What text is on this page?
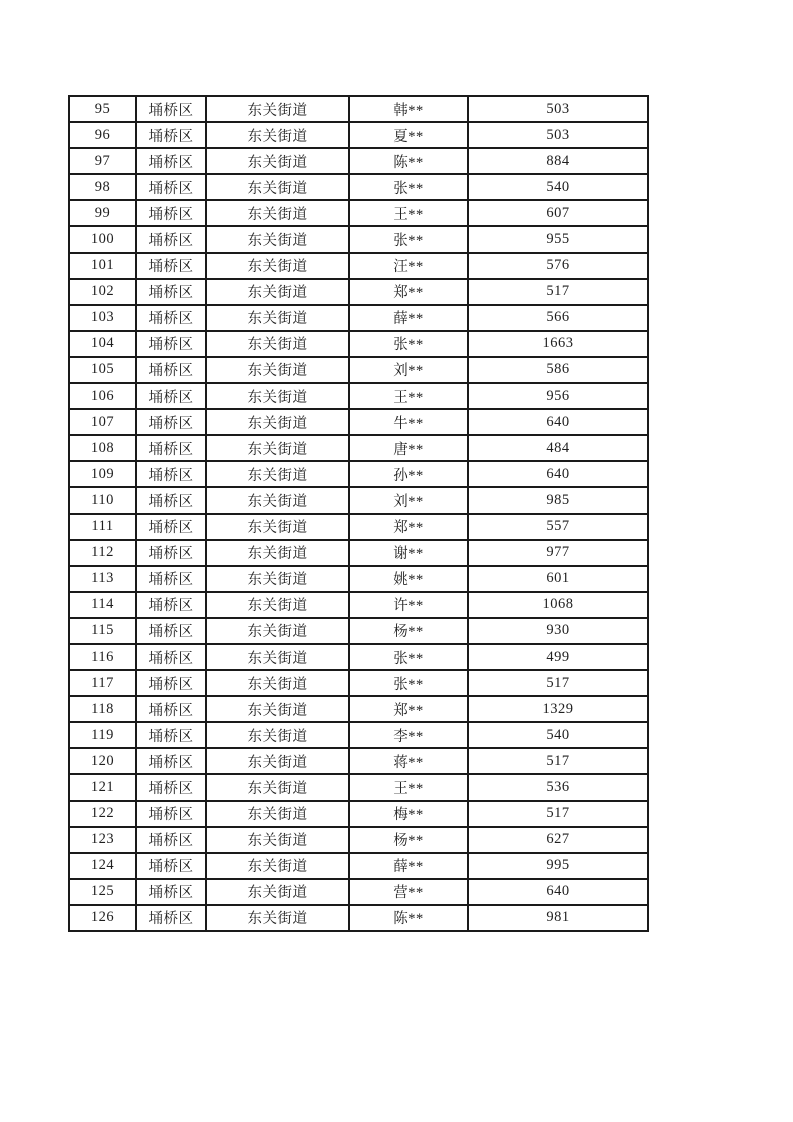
95	埇桥区	东关街道	韩**	503
96	埇桥区	东关街道	夏**	503
97	埇桥区	东关街道	陈**	884
98	埇桥区	东关街道	张**	540
99	埇桥区	东关街道	王**	607
100	埇桥区	东关街道	张**	955
101	埇桥区	东关街道	汪**	576
102	埇桥区	东关街道	郑**	517
103	埇桥区	东关街道	薛**	566
104	埇桥区	东关街道	张**	1663
105	埇桥区	东关街道	刘**	586
106	埇桥区	东关街道	王**	956
107	埇桥区	东关街道	牛**	640
108	埇桥区	东关街道	唐**	484
109	埇桥区	东关街道	孙**	640
110	埇桥区	东关街道	刘**	985
111	埇桥区	东关街道	郑**	557
112	埇桥区	东关街道	谢**	977
113	埇桥区	东关街道	姚**	601
114	埇桥区	东关街道	许**	1068
115	埇桥区	东关街道	杨**	930
116	埇桥区	东关街道	张**	499
117	埇桥区	东关街道	张**	517
118	埇桥区	东关街道	郑**	1329
119	埇桥区	东关街道	李**	540
120	埇桥区	东关街道	蒋**	517
121	埇桥区	东关街道	王**	536
122	埇桥区	东关街道	梅**	517
123	埇桥区	东关街道	杨**	627
124	埇桥区	东关街道	薛**	995
125	埇桥区	东关街道	营**	640
126	埇桥区	东关街道	陈**	981
